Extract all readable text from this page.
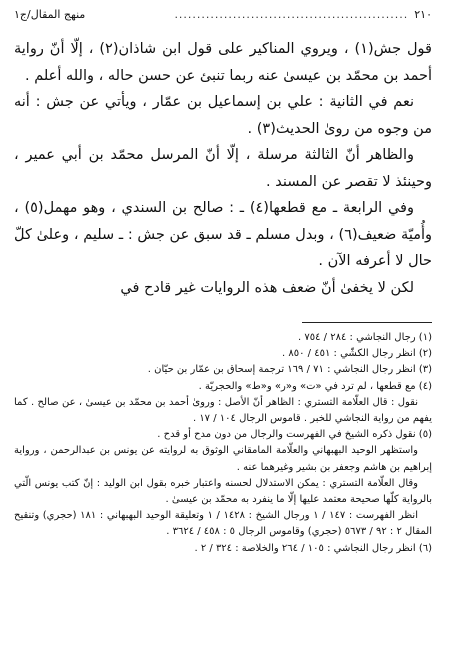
٢١٠
....................................................
منهج المقال/ج١

قول جش(١) ، ويروي المناكير على قول ابن شاذان(٢) ، إلّا أنّ رواية أحمد بن محمّد بن عيسىٰ عنه ربما تنبئ عن حسن حاله ، والله أعلم .

نعم في الثانية : علي بن إسماعيل بن عمّار ، ويأتي عن جش : أنه من وجوه من روىٰ الحديث(٣) .

والظاهر أنّ الثالثة مرسلة ، إلّا أنّ المرسل محمّد بن أبي عمير ، وحينئذ لا تقصر عن المسند .

وفي الرابعة ـ مع قطعها(٤) ـ : صالح بن السندي ، وهو مهمل(٥) ، وأُميّة ضعيف(٦) ، وبدل مسلم ـ قد سبق عن جش : ـ سليم ، وعلىٰ كلّ حال لا أعرفه الآن .

لكن لا يخفىٰ أنّ ضعف هذه الروايات غير قادح في

(١) رجال النجاشي : ٢٨٤ / ٧٥٤ .

(٢) انظر رجال الكشّي : ٤٥١ / ٨٥٠ .

(٣) انظر رجال النجاشي : ٧١ / ١٦٩ ترجمة إسحاق بن عمّار بن حيّان .

(٤) مع قطعها ، لم ترد في «ت» و«ر» و«ط» والحجريّة .

نقول : قال العلّامة التستري : الظاهر أنّ الأصل : وروىٰ أحمد بن محمّد بن عيسىٰ ، عن صالح . كما يفهم من رواية النجاشي للخبر . قاموس الرجال ١٠٤ / ١٧ .

(٥) نقول ذكره الشيخ في الفهرست والرجال من دون مدح أو قدح .

واستظهر الوحيد البهبهاني والعلّامة المامقاني الوثوق به لروايته عن يونس بن عبدالرحمن ، ورواية إبراهيم بن هاشم وجعفر بن بشير وغيرهما عنه .

وقال العلّامة التستري : يمكن الاستدلال لحسنه واعتبار خبره بقول ابن الوليد : إنّ كتب يونس الّتي بالرواية كلّها صحيحة معتمد عليها إلّا ما ينفرد به محمّد بن عيسىٰ .

انظر الفهرست : ١٤٧ / ١ ورجال الشيخ : ١٤٢٨ / ١ وتعليقة الوحيد البهبهاني : ١٨١ (حجري) وتنقيح المقال ٢ : ٩٢ / ٥٦٧٣ (حجري) وقاموس الرجال ٥ : ٤٥٨ / ٣٦٢٤ .

(٦) انظر رجال النجاشي : ١٠٥ / ٢٦٤ والخلاصة : ٣٢٤ / ٢ .
